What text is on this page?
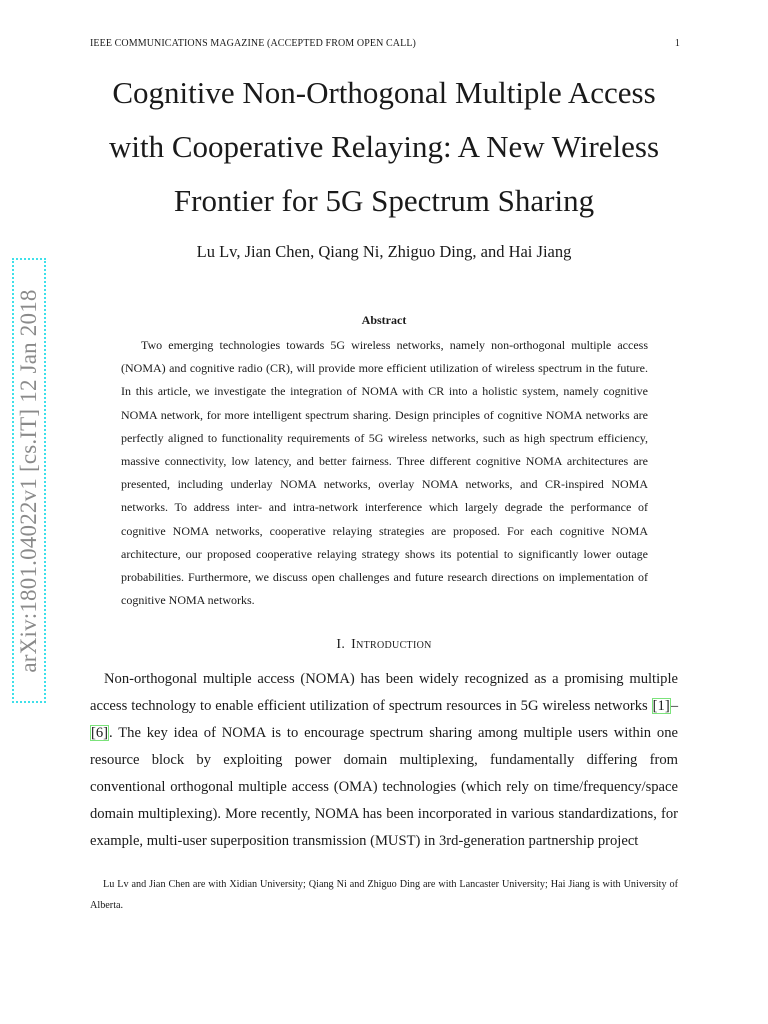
IEEE COMMUNICATIONS MAGAZINE (ACCEPTED FROM OPEN CALL)	1
Cognitive Non-Orthogonal Multiple Access with Cooperative Relaying: A New Wireless Frontier for 5G Spectrum Sharing
Lu Lv, Jian Chen, Qiang Ni, Zhiguo Ding, and Hai Jiang
arXiv:1801.04022v1 [cs.IT] 12 Jan 2018	Abstract

Two emerging technologies towards 5G wireless networks, namely non-orthogonal multiple access (NOMA) and cognitive radio (CR), will provide more efficient utilization of wireless spectrum in the future. In this article, we investigate the integration of NOMA with CR into a holistic system, namely cognitive NOMA network, for more intelligent spectrum sharing. Design principles of cognitive NOMA networks are perfectly aligned to functionality requirements of 5G wireless networks, such as high spectrum efficiency, massive connectivity, low latency, and better fairness. Three different cognitive NOMA architectures are presented, including underlay NOMA networks, overlay NOMA networks, and CR-inspired NOMA networks. To address inter- and intra-network interference which largely degrade the performance of cognitive NOMA networks, cooperative relaying strategies are proposed. For each cognitive NOMA architecture, our proposed cooperative relaying strategy shows its potential to significantly lower outage probabilities. Furthermore, we discuss open challenges and future research directions on implementation of cognitive NOMA networks.

I. Introduction

Non-orthogonal multiple access (NOMA) has been widely recognized as a promising multiple access technology to enable efficient utilization of spectrum resources in 5G wireless networks [1]–[6]. The key idea of NOMA is to encourage spectrum sharing among multiple users within one resource block by exploiting power domain multiplexing, fundamentally differing from conventional orthogonal multiple access (OMA) technologies (which rely on time/frequency/space domain multiplexing). More recently, NOMA has been incorporated in various standardizations, for example, multi-user superposition transmission (MUST) in 3rd-generation partnership project

Lu Lv and Jian Chen are with Xidian University; Qiang Ni and Zhiguo Ding are with Lancaster University; Hai Jiang is with University of Alberta.
